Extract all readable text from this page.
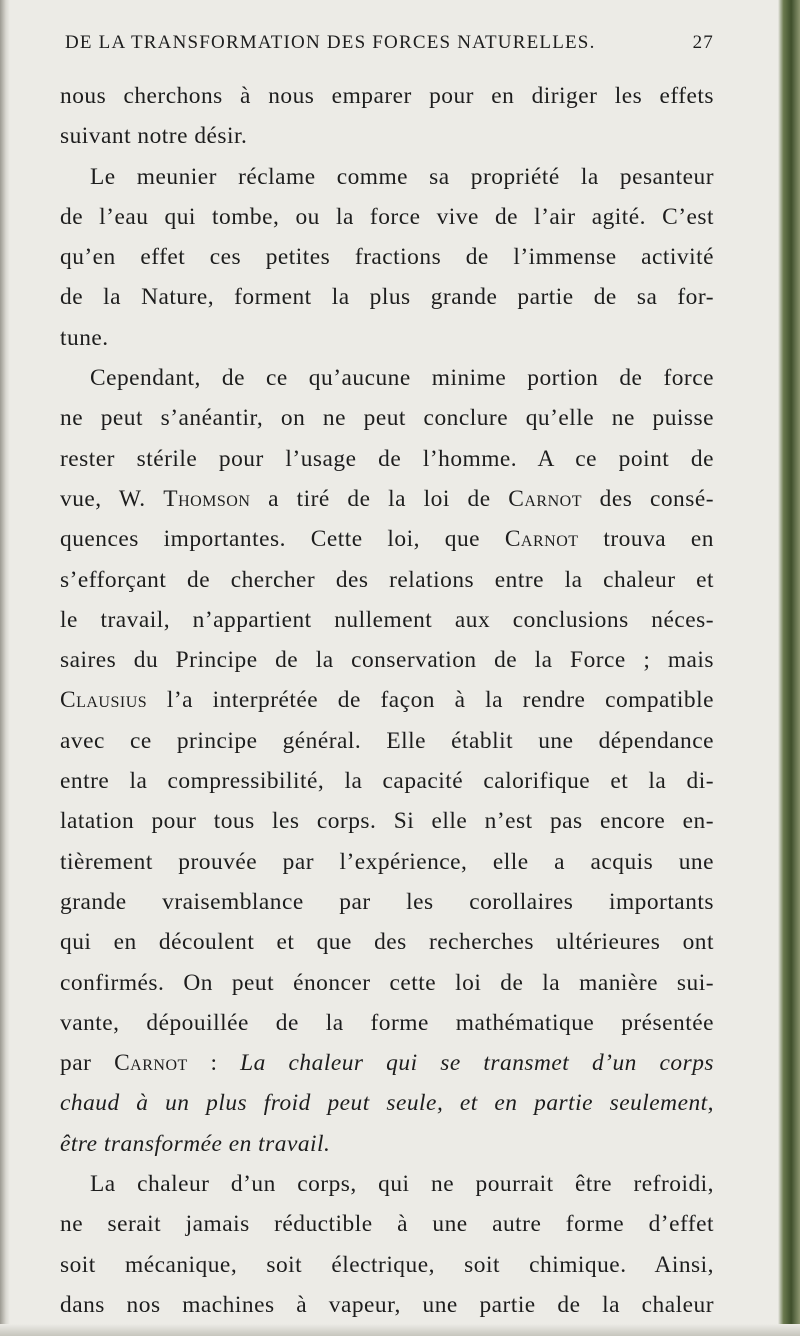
DE LA TRANSFORMATION DES FORCES NATURELLES.	27
nous cherchons à nous emparer pour en diriger les effets
suivant notre désir.
Le meunier réclame comme sa propriété la pesanteur
de l’eau qui tombe, ou la force vive de l’air agité. C’est
qu’en effet ces petites fractions de l’immense activité
de la Nature, forment la plus grande partie de sa for-
tune.
Cependant, de ce qu’aucune minime portion de force
ne peut s’anéantir, on ne peut conclure qu’elle ne puisse
rester stérile pour l’usage de l’homme. A ce point de
vue, W. Thomson a tiré de la loi de Carnot des consé-
quences importantes. Cette loi, que Carnot trouva en
s’efforçant de chercher des relations entre la chaleur et
le travail, n’appartient nullement aux conclusions néces-
saires du Principe de la conservation de la Force ; mais
Clausius l’a interprétée de façon à la rendre compatible
avec ce principe général. Elle établit une dépendance
entre la compressibilité, la capacité calorifique et la di-
latation pour tous les corps. Si elle n’est pas encore en-
tièrement prouvée par l’expérience, elle a acquis une
grande vraisemblance par les corollaires importants
qui en découlent et que des recherches ultérieures ont
confirmés. On peut énoncer cette loi de la manière sui-
vante, dépouillée de la forme mathématique présentée
par Carnot : La chaleur qui se transmet d’un corps
chaud à un plus froid peut seule, et en partie seulement,
être transformée en travail.
La chaleur d’un corps, qui ne pourrait être refroidi,
ne serait jamais réductible à une autre forme d’effet
soit mécanique, soit électrique, soit chimique. Ainsi,
dans nos machines à vapeur, une partie de la chaleur
